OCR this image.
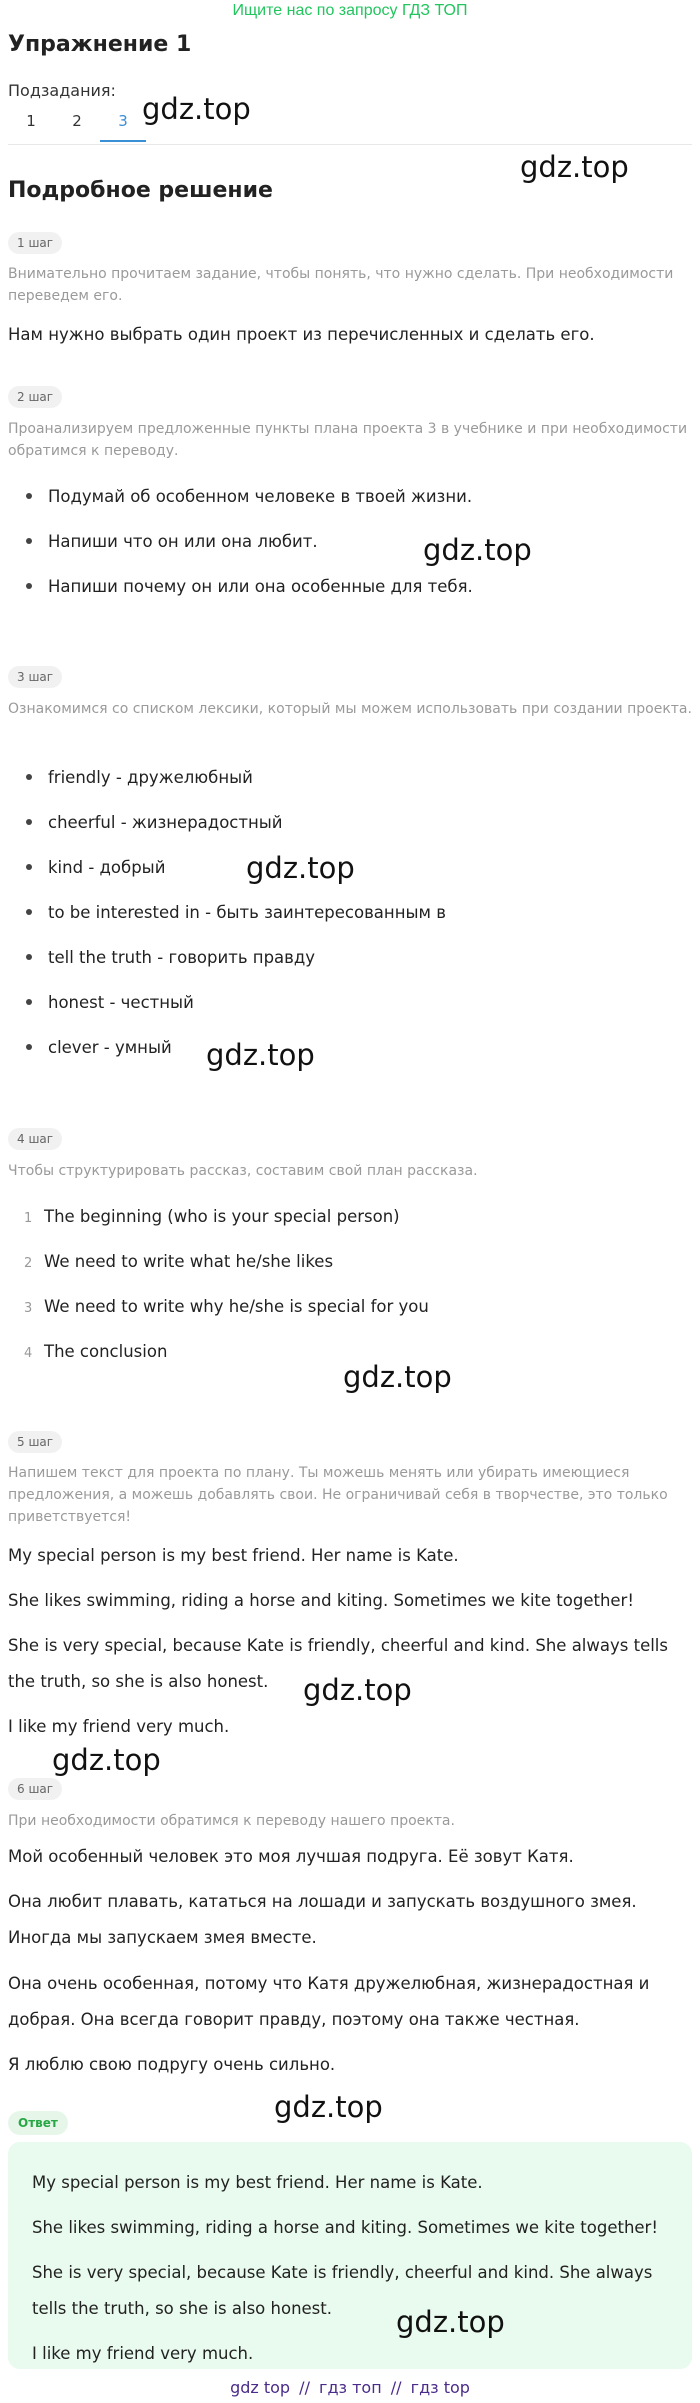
Ищите нас по запросу ГДЗ ТОП
Упражнение 1
Подзадания:
1	2	3
Подробное решение
gdz.top
gdz.top
gdz.top
gdz.top
gdz.top
gdz.top
gdz.top
gdz.top
gdz.top
1 шаг
Внимательно прочитаем задание, чтобы понять, что нужно сделать. При необходимости переведем его.
Нам нужно выбрать один проект из перечисленных и сделать его.
2 шаг
Проанализируем предложенные пункты плана проекта 3 в учебнике и при необходимости обратимся к переводу.
Подумай об особенном человеке в твоей жизни.
Напиши что он или она любит.
Напиши почему он или она особенные для тебя.
3 шаг
Ознакомимся со списком лексики, который мы можем использовать при создании проекта.
friendly - дружелюбный
cheerful - жизнерадостный
kind - добрый
to be interested in - быть заинтересованным в
tell the truth - говорить правду
honest - честный
clever - умный
4 шаг
Чтобы структурировать рассказ, составим свой план рассказа.
1 The beginning (who is your special person)
2 We need to write what he/she likes
3 We need to write why he/she is special for you
4 The conclusion
5 шаг
Напишем текст для проекта по плану. Ты можешь менять или убирать имеющиеся предложения, а можешь добавлять свои. Не ограничивай себя в творчестве, это только приветствуется!
My special person is my best friend. Her name is Kate.
She likes swimming, riding a horse and kiting. Sometimes we kite together!
She is very special, because Kate is friendly, cheerful and kind. She always tells the truth, so she is also honest.
I like my friend very much.
6 шаг
При необходимости обратимся к переводу нашего проекта.
Мой особенный человек это моя лучшая подруга. Её зовут Катя.
Она любит плавать, кататься на лошади и запускать воздушного змея. Иногда мы запускаем змея вместе.
Она очень особенная, потому что Катя дружелюбная, жизнерадостная и добрая. Она всегда говорит правду, поэтому она также честная.
Я люблю свою подругу очень сильно.
Ответ
My special person is my best friend. Her name is Kate.
She likes swimming, riding a horse and kiting. Sometimes we kite together!
She is very special, because Kate is friendly, cheerful and kind. She always tells the truth, so she is also honest.
I like my friend very much.
gdz.top
gdz top // гдз топ // гдз top
